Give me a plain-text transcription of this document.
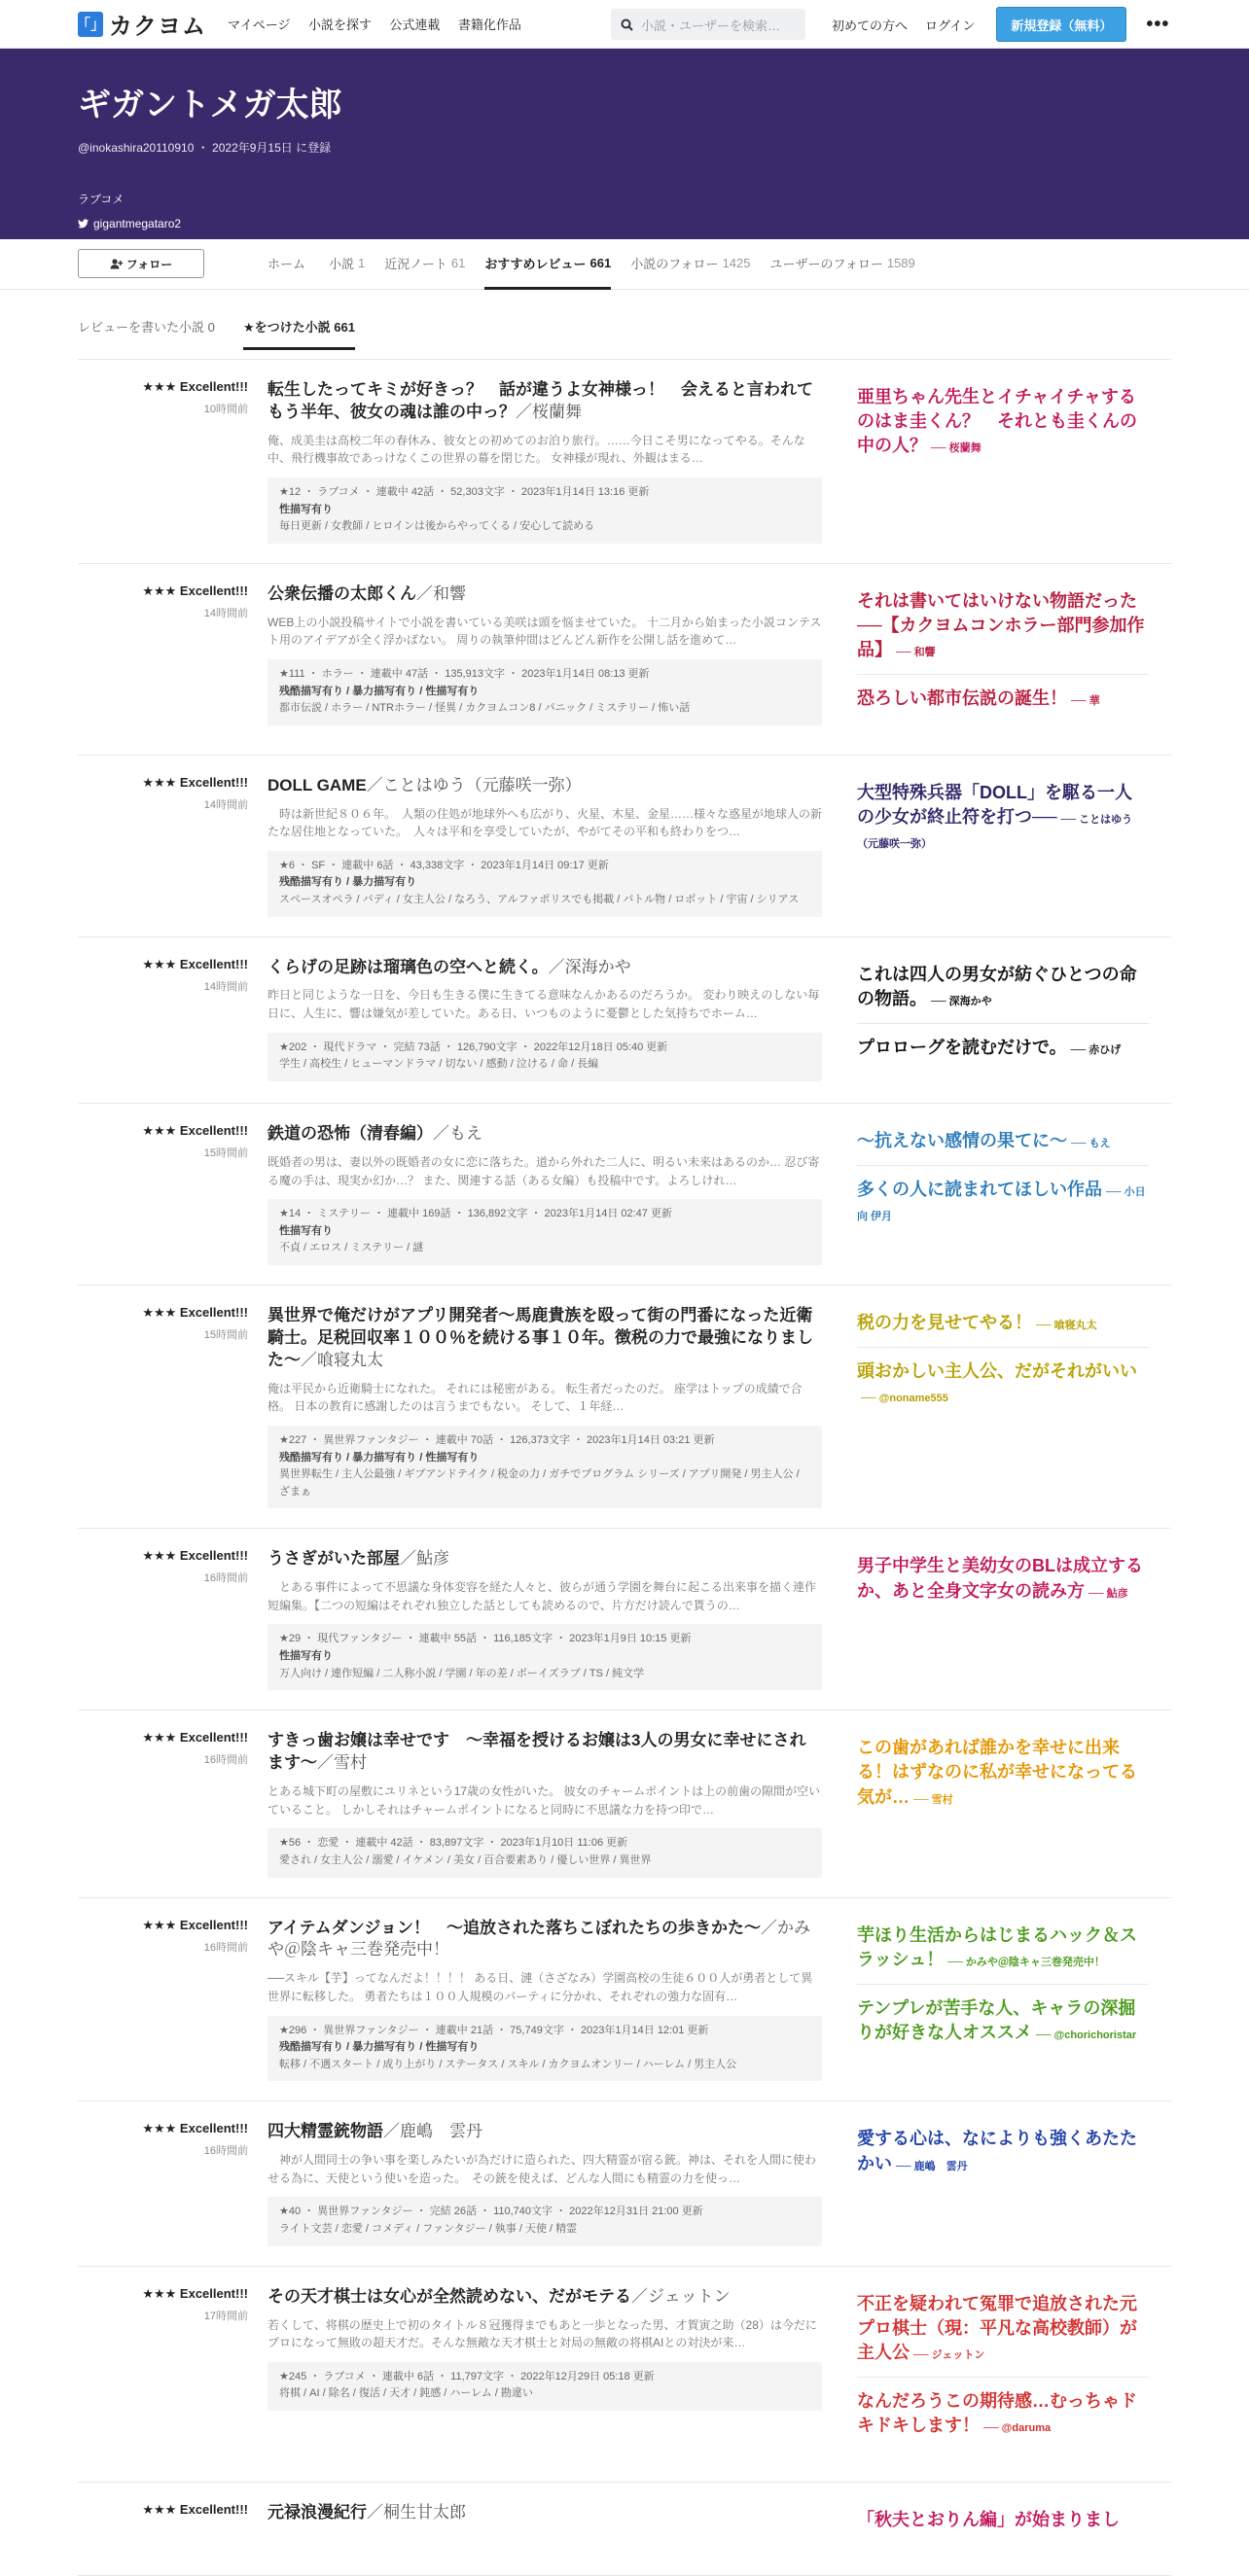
「」 カクヨム マイページ 小説を探す 公式連載 書籍化作品	小説・ユーザーを検索…	初めての方へ ログイン	新規登録（無料）	•••
ギガントメガ太郎
@inokashira20110910 ・ 2022年9月15日 に登録
ラブコメ
gigantmegataro2
フォロー	ホーム 小説 1 近況ノート 61 おすすめレビュー 661 小説のフォロー 1425 ユーザーのフォロー 1589
レビューを書いた小説 0 ★をつけた小説 661
★★★ Excellent!!!
10時間前
転生したってキミが好きっ？　話が違うよ女神様っ！　会えると言われてもう半年、彼女の魂は誰の中っ？／桜蘭舞
俺、成美圭は高校二年の春休み、彼女との初めてのお泊り旅行。……今日こそ男になってやる。そんな中、飛行機事故であっけなくこの世界の幕を閉じた。 女神様が現れ、外観はまる…
★12 ・ ラブコメ ・ 連載中 42話 ・ 52,303文字 ・ 2023年1月14日 13:16 更新
性描写有り
毎日更新 / 女教師 / ヒロインは後からやってくる / 安心して読める
亜里ちゃん先生とイチャイチャするのはま圭くん？　それとも圭くんの中の人？ ── 桜蘭舞
★★★ Excellent!!!
14時間前
公衆伝播の太郎くん／和響
WEB上の小説投稿サイトで小説を書いている美咲は頭を悩ませていた。 十二月から始まった小説コンテスト用のアイデアが全く浮かばない。 周りの執筆仲間はどんどん新作を公開し話を進めて…
★111 ・ ホラー ・ 連載中 47話 ・ 135,913文字 ・ 2023年1月14日 08:13 更新
残酷描写有り / 暴力描写有り / 性描写有り
都市伝説 / ホラー / NTRホラー / 怪異 / カクヨムコン8 / パニック / ミステリー / 怖い話
それは書いてはいけない物語だった──【カクヨムコンホラー部門参加作品】 ── 和響
恐ろしい都市伝説の誕生！ ── 華
★★★ Excellent!!!
14時間前
DOLL GAME／ことはゆう（元藤咲一弥）
　時は新世紀８０６年。　人類の住処が地球外へも広がり、火星、木星、金星……様々な惑星が地球人の新たな居住地となっていた。　人々は平和を享受していたが、やがてその平和も終わりをつ…
★6 ・ SF ・ 連載中 6話 ・ 43,338文字 ・ 2023年1月14日 09:17 更新
残酷描写有り / 暴力描写有り
スペースオペラ / バディ / 女主人公 / なろう、アルファポリスでも掲載 / バトル物 / ロボット / 宇宙 / シリアス
大型特殊兵器「DOLL」を駆る一人の少女が終止符を打つ── ── ことはゆう（元藤咲一弥）
★★★ Excellent!!!
14時間前
くらげの足跡は瑠璃色の空へと続く。／深海かや
昨日と同じような一日を、今日も生きる僕に生きてる意味なんかあるのだろうか。 変わり映えのしない毎日に、人生に、響は嫌気が差していた。ある日、いつものように憂鬱とした気持ちでホーム…
★202 ・ 現代ドラマ ・ 完結 73話 ・ 126,790文字 ・ 2022年12月18日 05:40 更新
学生 / 高校生 / ヒューマンドラマ / 切ない / 感動 / 泣ける / 命 / 長編
これは四人の男女が紡ぐひとつの命の物語。 ── 深海かや
プロローグを読むだけで。 ── 赤ひげ
★★★ Excellent!!!
15時間前
鉄道の恐怖（清春編）／もえ
既婚者の男は、妻以外の既婚者の女に恋に落ちた。道から外れた二人に、明るい未来はあるのか… 忍び寄る魔の手は、現実か幻か…？ また、関連する話（ある女編）も投稿中です。よろしけれ…
★14 ・ ミステリー ・ 連載中 169話 ・ 136,892文字 ・ 2023年1月14日 02:47 更新
性描写有り
不貞 / エロス / ミステリー / 謎
〜抗えない感情の果てに〜 ── もえ
多くの人に読まれてほしい作品 ── 小日向 伊月
★★★ Excellent!!!
15時間前
異世界で俺だけがアプリ開発者～馬鹿貴族を殴って街の門番になった近衛騎士。足税回収率１００％を続ける事１０年。徴税の力で最強になりました～／喰寝丸太
俺は平民から近衛騎士になれた。 それには秘密がある。 転生者だったのだ。 座学はトップの成績で合格。 日本の教育に感謝したのは言うまでもない。 そして、１年経…
★227 ・ 異世界ファンタジー ・ 連載中 70話 ・ 126,373文字 ・ 2023年1月14日 03:21 更新
残酷描写有り / 暴力描写有り / 性描写有り
異世界転生 / 主人公最強 / ギブアンドテイク / 税金の力 / ガチでプログラム シリーズ / アプリ開発 / 男主人公 / ざまぁ
税の力を見せてやる！ ── 喰寝丸太
頭おかしい主人公、だがそれがいい── @noname555
★★★ Excellent!!!
16時間前
うさぎがいた部屋／鮎彦
　とある事件によって不思議な身体変容を経た人々と、彼らが通う学園を舞台に起こる出来事を描く連作短編集。【二つの短編はそれぞれ独立した話としても読めるので、片方だけ読んで貰うの…
★29 ・ 現代ファンタジー ・ 連載中 55話 ・ 116,185文字 ・ 2023年1月9日 10:15 更新
性描写有り
万人向け / 連作短編 / 二人称小説 / 学園 / 年の差 / ボーイズラブ / TS / 純文学
男子中学生と美幼女のBLは成立するか、あと全身文字女の読み方 ── 鮎彦
★★★ Excellent!!!
16時間前
すきっ歯お嬢は幸せです　～幸福を授けるお嬢は3人の男女に幸せにされます～／雪村
とある城下町の屋敷にユリネという17歳の女性がいた。 彼女のチャームポイントは上の前歯の隙間が空いていること。 しかしそれはチャームポイントになると同時に不思議な力を持つ印で…
★56 ・ 恋愛 ・ 連載中 42話 ・ 83,897文字 ・ 2023年1月10日 11:06 更新
愛され / 女主人公 / 溺愛 / イケメン / 美女 / 百合要素あり / 優しい世界 / 異世界
この歯があれば誰かを幸せに出来る！はずなのに私が幸せになってる気が… ── 雪村
★★★ Excellent!!!
16時間前
アイテムダンジョン！　～追放された落ちこぼれたちの歩きかた～／かみや＠陰キャ三巻発売中！
──スキル【芋】ってなんだよ！！！！ ある日、漣（さざなみ）学園高校の生徒６００人が勇者として異世界に転移した。 勇者たちは１００人規模のパーティに分かれ、それぞれの強力な固有…
★296 ・ 異世界ファンタジー ・ 連載中 21話 ・ 75,749文字 ・ 2023年1月14日 12:01 更新
残酷描写有り / 暴力描写有り / 性描写有り
転移 / 不遇スタート / 成り上がり / ステータス / スキル / カクヨムオンリー / ハーレム / 男主人公
芋ほり生活からはじまるハック＆スラッシュ！ ── かみや＠陰キャ三巻発売中！
テンプレが苦手な人、キャラの深掘りが好きな人オススメ ── @chorichoristar
★★★ Excellent!!!
16時間前
四大精霊銃物語／鹿嶋　雲丹
　神が人間同士の争い事を楽しみたいが為だけに造られた、四大精霊が宿る銃。神は、それを人間に使わせる為に、天使という使いを造った。　その銃を使えば、どんな人間にも精霊の力を使っ…
★40 ・ 異世界ファンタジー ・ 完結 26話 ・ 110,740文字 ・ 2022年12月31日 21:00 更新
ライト文芸 / 恋愛 / コメディ / ファンタジー / 執事 / 天使 / 精霊
愛する心は、なによりも強くあたたかい ── 鹿嶋　雲丹
★★★ Excellent!!!
17時間前
その天才棋士は女心が全然読めない、だがモテる／ジェットン
若くして、将棋の歴史上で初のタイトル８冠獲得までもあと一歩となった男、才賀寅之助（28）は今だにプロになって無敗の超天才だ。そんな無敵な天才棋士と対局の無敵の将棋AIとの対決が来…
★245 ・ ラブコメ ・ 連載中 6話 ・ 11,797文字 ・ 2022年12月29日 05:18 更新
将棋 / AI / 除名 / 復活 / 天才 / 鈍感 / ハーレム / 勘違い
不正を疑われて冤罪で追放された元プロ棋士（現：平凡な高校教師）が主人公 ── ジェットン
なんだろうこの期待感…むっちゃドキドキします！ ── @daruma
★★★ Excellent!!! 元禄浪漫紀行／桐生甘太郎	「秋夫とおりん編」が始まりまし
